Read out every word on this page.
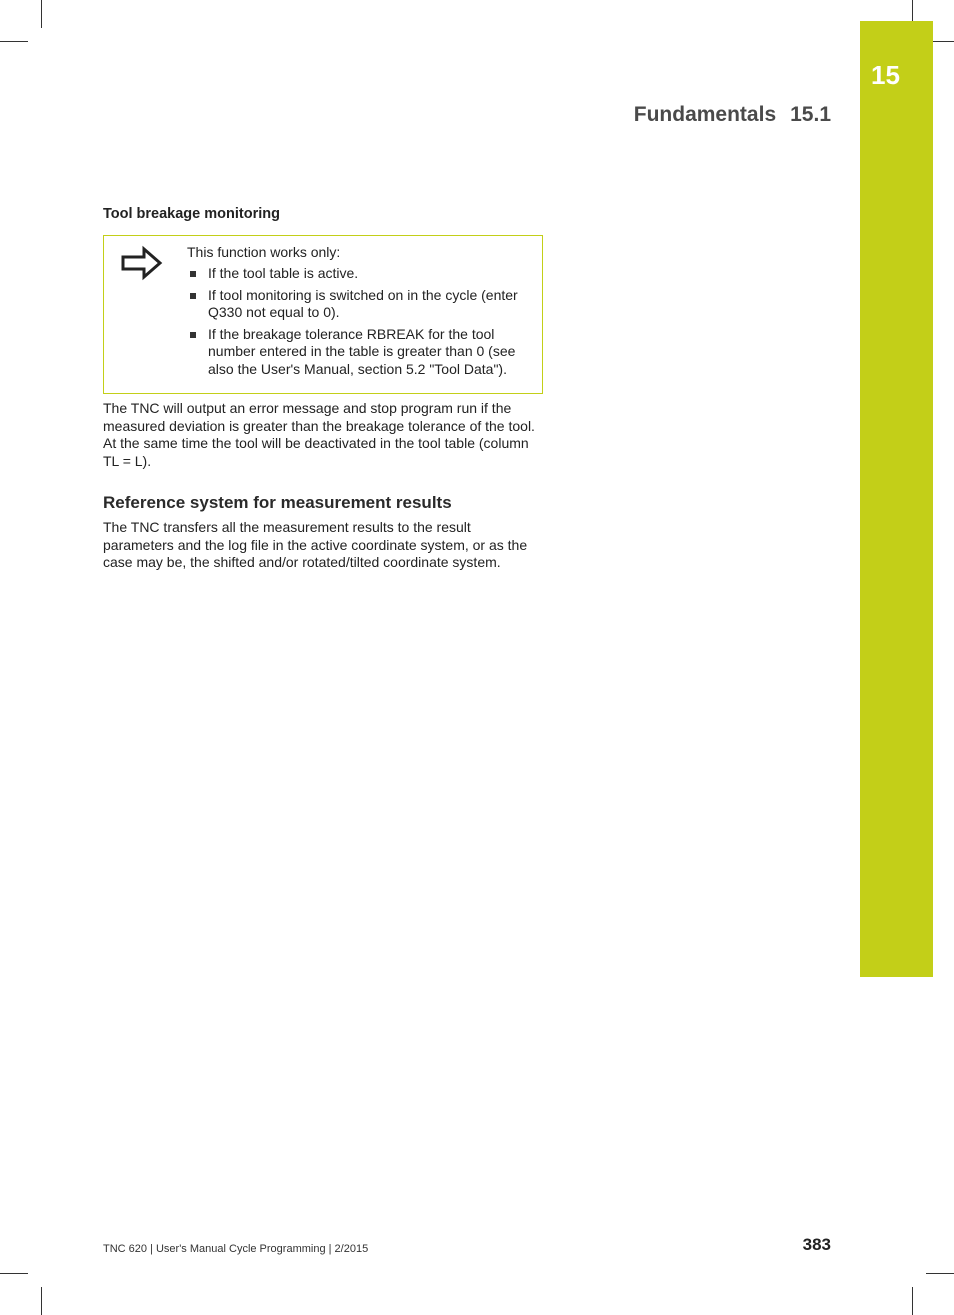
15
Fundamentals 15.1
Tool breakage monitoring
This function works only:
If the tool table is active.
If tool monitoring is switched on in the cycle (enter Q330 not equal to 0).
If the breakage tolerance RBREAK for the tool number entered in the table is greater than 0 (see also the User's Manual, section 5.2 "Tool Data").

The TNC will output an error message and stop program run if the measured deviation is greater than the breakage tolerance of the tool. At the same time the tool will be deactivated in the tool table (column TL = L).

Reference system for measurement results

The TNC transfers all the measurement results to the result parameters and the log file in the active coordinate system, or as the case may be, the shifted and/or rotated/tilted coordinate system.

TNC 620 | User's Manual Cycle Programming | 2/2015	383
